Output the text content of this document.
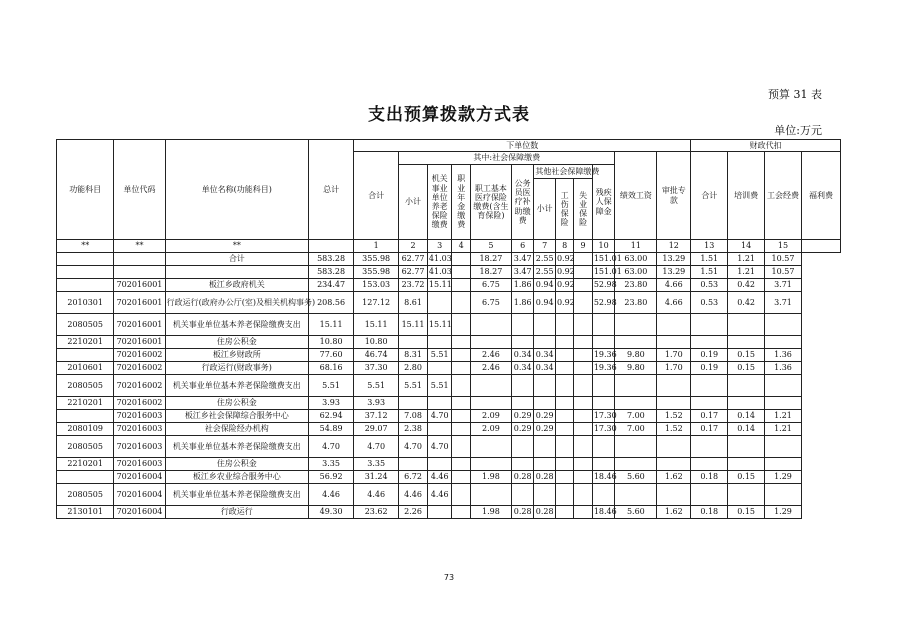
预算 31 表
支出预算拨款方式表
单位:万元
功能科目	单位代码	单位名称(功能科目)	总计	下单位数												财政代扣			
				合计	其中:社会保障缴费									绩效工资	审批专款	合计	培训费	工会经费	福利费
					小计	机关事业单位养老保险缴费	职业年金缴费	职工基本医疗保险缴费(含生育保险)	公务员医疗补助缴费	其他社会保障缴费			残疾人保障金						
										小计	工伤保险	失业保险							
**	**	**		1	2	3	4	5	6	7	8	9	10	11	12	13	14	15	
		合计	583.28	355.98	62.77	41.03		18.27	3.47	2.55	0.92		151.01	63.00	13.29	1.51	1.21	10.57	
			583.28	355.98	62.77	41.03		18.27	3.47	2.55	0.92		151.01	63.00	13.29	1.51	1.21	10.57	
	702016001	板江乡政府机关	234.47	153.03	23.72	15.11		6.75	1.86	0.94	0.92		52.98	23.80	4.66	0.53	0.42	3.71	
2010301	702016001	行政运行(政府办公厅(室)及相关机构事务)	208.56	127.12	8.61			6.75	1.86	0.94	0.92		52.98	23.80	4.66	0.53	0.42	3.71	
2080505	702016001	机关事业单位基本养老保险缴费支出	15.11	15.11	15.11	15.11													
2210201	702016001	住房公积金	10.80	10.80															
	702016002	板江乡财政所	77.60	46.74	8.31	5.51		2.46	0.34	0.34			19.36	9.80	1.70	0.19	0.15	1.36	
2010601	702016002	行政运行(财政事务)	68.16	37.30	2.80			2.46	0.34	0.34			19.36	9.80	1.70	0.19	0.15	1.36	
2080505	702016002	机关事业单位基本养老保险缴费支出	5.51	5.51	5.51	5.51													
2210201	702016002	住房公积金	3.93	3.93															
	702016003	板江乡社会保障综合服务中心	62.94	37.12	7.08	4.70		2.09	0.29	0.29			17.30	7.00	1.52	0.17	0.14	1.21	
2080109	702016003	社会保险经办机构	54.89	29.07	2.38			2.09	0.29	0.29			17.30	7.00	1.52	0.17	0.14	1.21	
2080505	702016003	机关事业单位基本养老保险缴费支出	4.70	4.70	4.70	4.70													
2210201	702016003	住房公积金	3.35	3.35															
	702016004	板江乡农业综合服务中心	56.92	31.24	6.72	4.46		1.98	0.28	0.28			18.46	5.60	1.62	0.18	0.15	1.29	
2080505	702016004	机关事业单位基本养老保险缴费支出	4.46	4.46	4.46	4.46													
2130101	702016004	行政运行	49.30	23.62	2.26			1.98	0.28	0.28			18.46	5.60	1.62	0.18	0.15	1.29	
73
